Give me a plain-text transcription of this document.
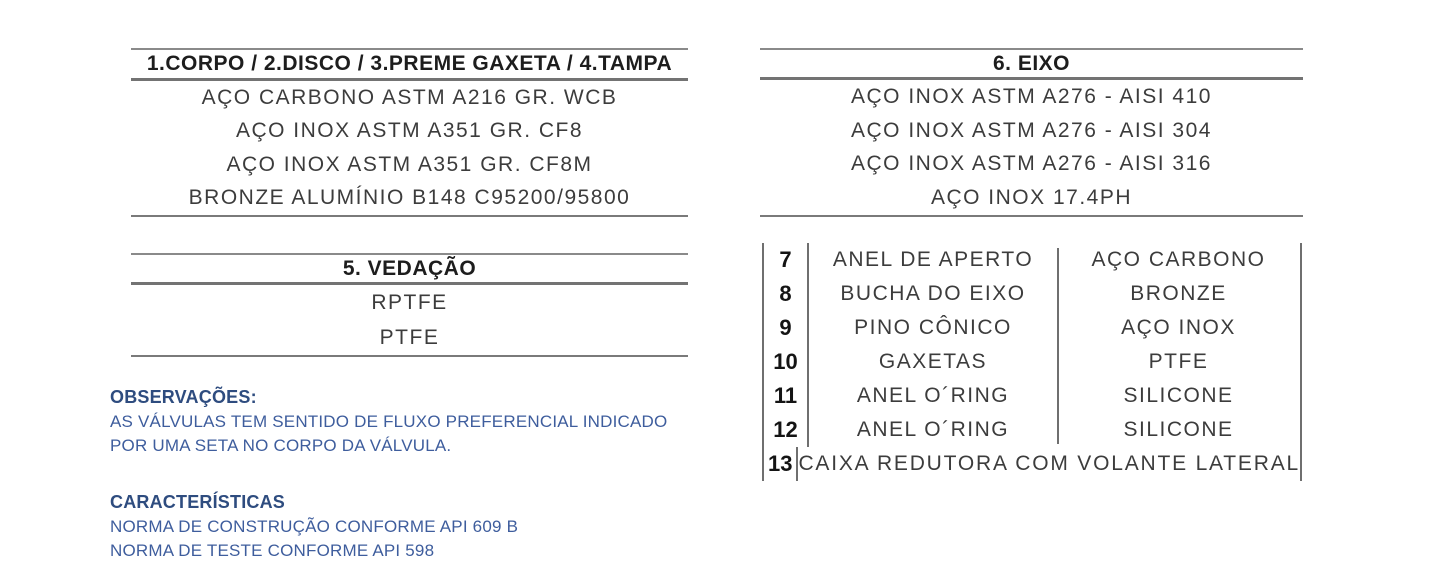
1.CORPO / 2.DISCO / 3.PREME GAXETA / 4.TAMPA
AÇO CARBONO ASTM A216 GR. WCB
AÇO INOX ASTM A351 GR. CF8
AÇO INOX ASTM A351 GR. CF8M
BRONZE ALUMÍNIO B148 C95200/95800
5. VEDAÇÃO
RPTFE
PTFE
6. EIXO
AÇO INOX ASTM A276 - AISI 410
AÇO INOX ASTM A276 - AISI 304
AÇO INOX ASTM A276 - AISI 316
AÇO INOX 17.4PH
7	ANEL DE APERTO	AÇO CARBONO
8	BUCHA DO EIXO	BRONZE
9	PINO CÔNICO	AÇO INOX
10	GAXETAS	PTFE
11	ANEL O´RING	SILICONE
12	ANEL O´RING	SILICONE
13 CAIXA REDUTORA COM VOLANTE LATERAL
OBSERVAÇÕES:
AS VÁLVULAS TEM SENTIDO DE FLUXO PREFERENCIAL INDICADO
POR UMA SETA NO CORPO DA VÁLVULA.
CARACTERÍSTICAS
NORMA DE CONSTRUÇÃO CONFORME API 609 B
NORMA DE TESTE CONFORME API 598
